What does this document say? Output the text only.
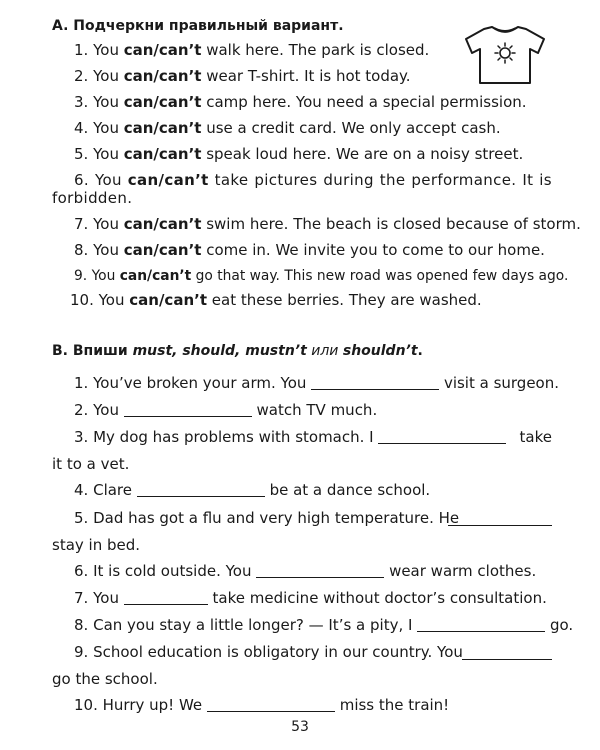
A. Подчеркни правильный вариант.
1. You can/can’t walk here. The park is closed.
2. You can/can’t wear T-shirt. It is hot today.
3. You can/can’t camp here. You need a special permission.
4. You can/can’t use a credit card. We only accept cash.
5. You can/can’t speak loud here. We are on a noisy street.
6. You can/can’t take pictures during the performance. It is forbidden.
7. You can/can’t swim here. The beach is closed because of storm.
8. You can/can’t come in. We invite you to come to our home.
9. You can/can’t go that way. This new road was opened few days ago.
10. You can/can’t eat these berries. They are washed.
B. Впиши must, should, mustn’t или shouldn’t.
1. You’ve broken your arm. You	visit a surgeon.
2. You	watch TV much.
3. My dog has problems with stomach. I	take
it to a vet.
4. Clare	be at a dance school.
5. Dad has got a flu and very high temperature. He
stay in bed.
6. It is cold outside. You	wear warm clothes.
7. You	take medicine without doctor’s consultation.
8. Can you stay a little longer? — It’s a pity, I	go.
9. School education is obligatory in our country. You
go the school.
10. Hurry up! We	miss the train!
53
